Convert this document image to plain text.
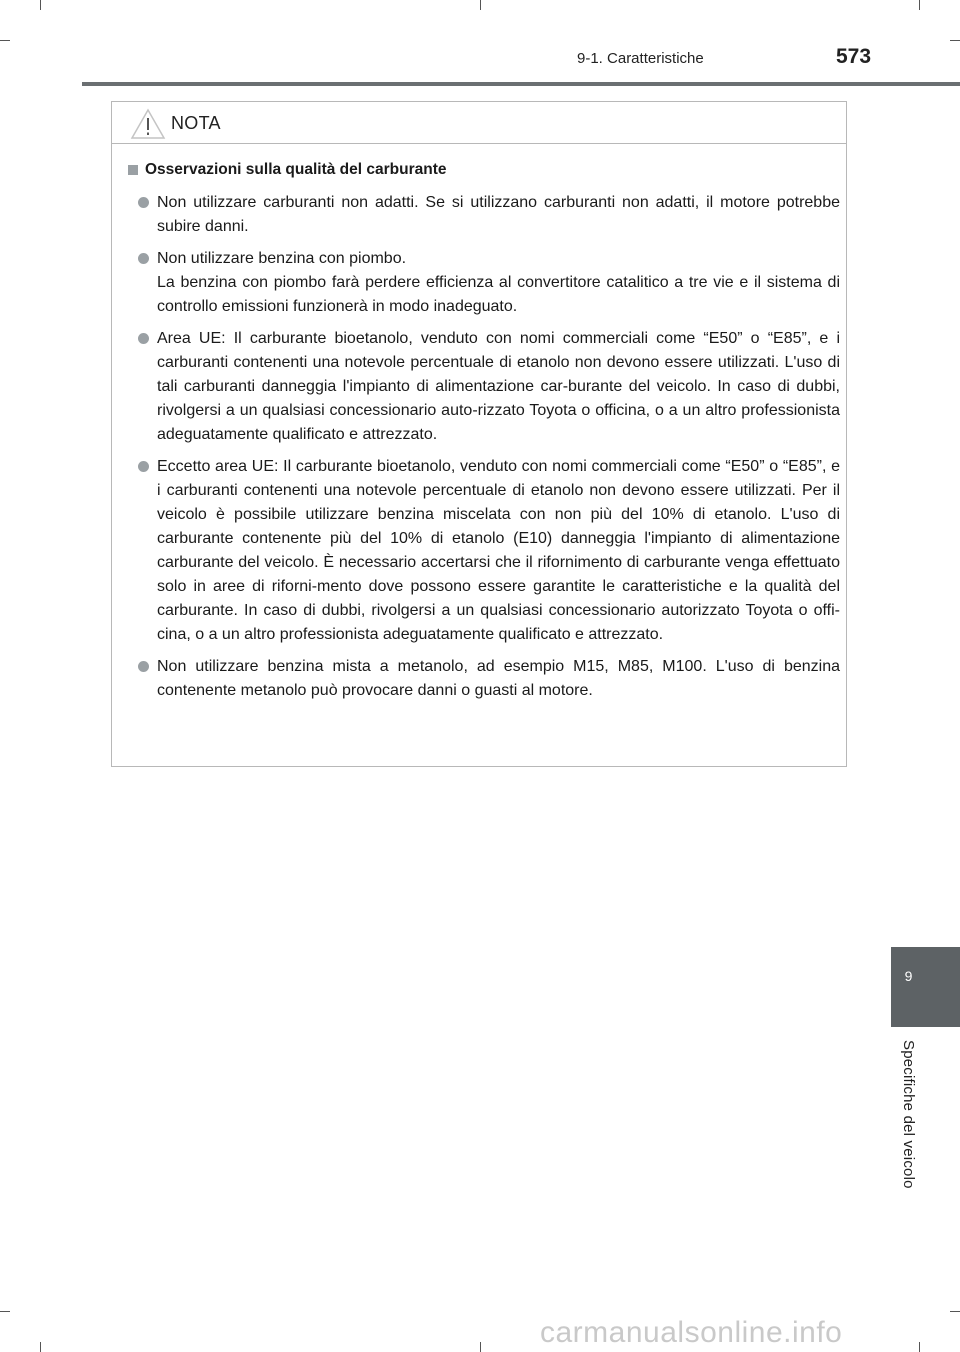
9-1. Caratteristiche	573
9
Specifiche del veicolo
NOTA
Osservazioni sulla qualità del carburante

Non utilizzare carburanti non adatti. Se si utilizzano carburanti non adatti, il motore potrebbe subire danni.

Non utilizzare benzina con piombo.

La benzina con piombo farà perdere efficienza al convertitore catalitico a tre vie e il sistema di controllo emissioni funzionerà in modo inadeguato.

Area UE: Il carburante bioetanolo, venduto con nomi commerciali come “E50” o “E85”, e i carburanti contenenti una notevole percentuale di etanolo non devono essere utilizzati. L'uso di tali carburanti danneggia l'impianto di alimentazione car-burante del veicolo. In caso di dubbi, rivolgersi a un qualsiasi concessionario auto-rizzato Toyota o officina, o a un altro professionista adeguatamente qualificato e attrezzato.

Eccetto area UE: Il carburante bioetanolo, venduto con nomi commerciali come “E50” o “E85”, e i carburanti contenenti una notevole percentuale di etanolo non devono essere utilizzati. Per il veicolo è possibile utilizzare benzina miscelata con non più del 10% di etanolo. L'uso di carburante contenente più del 10% di etanolo (E10) danneggia l'impianto di alimentazione carburante del veicolo. È necessario accertarsi che il rifornimento di carburante venga effettuato solo in aree di riforni-mento dove possono essere garantite le caratteristiche e la qualità del carburante. In caso di dubbi, rivolgersi a un qualsiasi concessionario autorizzato Toyota o offi-cina, o a un altro professionista adeguatamente qualificato e attrezzato.

Non utilizzare benzina mista a metanolo, ad esempio M15, M85, M100. L'uso di benzina contenente metanolo può provocare danni o guasti al motore.

carmanualsonline.info
